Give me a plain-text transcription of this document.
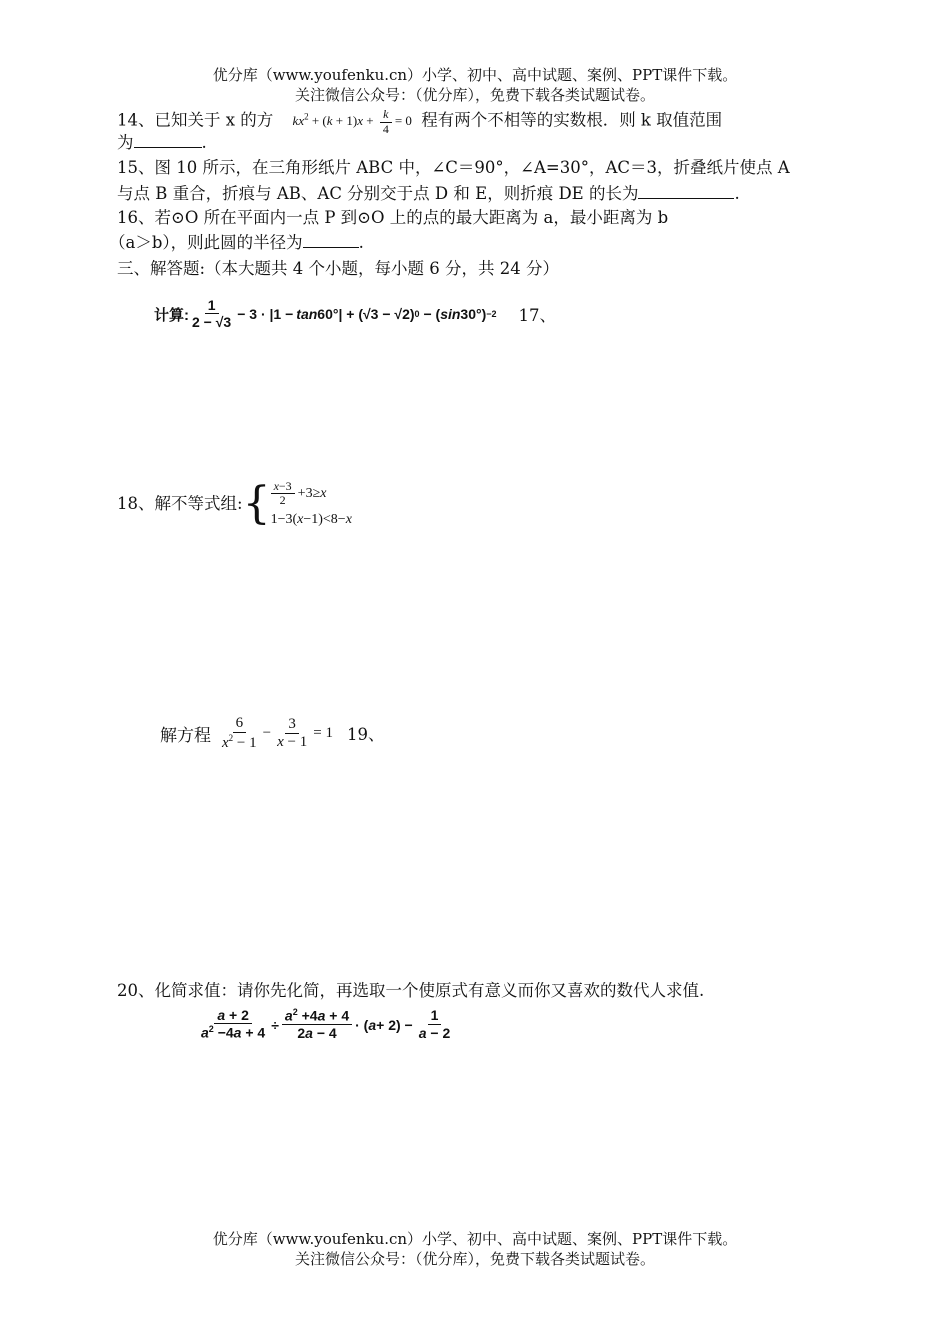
优分库（www.youfenku.cn）小学、初中、高中试题、案例、PPT课件下载。
关注微信公众号：（优分库），免费下载各类试题试卷。
14、已知关于 x 的方 $kx^2 + (k + 1)x + \frac{k}{4} = 0$ 程有两个不相等的实数根．则 k 取值范围
为	.
15、图 10 所示，在三角形纸片 ABC 中，∠C＝90°，∠A=30°，AC＝3，折叠纸片使点 A
与点 B 重合，折痕与 AB、AC 分别交于点 D 和 E，则折痕 DE 的长为	.
16、若⊙O 所在平面内一点 P 到⊙O 上的点的最大距离为 a，最小距离为 b
（a＞b），则此圆的半径为	.
三、解答题:（本大题共 4 个小题，每小题 6 分，共 24 分）
计算: $\frac{1}{2 - √3} - 3 \cdot |1 - \tan 60^\circ| + (√3 - √2) 0$ − ( sin 30°) −2 17、
18、解不等式组: { $\frac{x-3}{2} +3\ge x$
1−3(x−1)<8−x
解方程 $\frac{6}{x^2 - 1} - \frac{3}{x - 1} = 1$ 19、
20、化简求值：请你先化简，再选取一个使原式有意义而你又喜欢的数代人求值.
$\frac{a + 2}{a^2 -4a + 4} \div \frac{a^2 +4a + 4}{2a - 4}$ · ( $a + 2) - \frac{1}{a - 2}$
优分库（www.youfenku.cn）小学、初中、高中试题、案例、PPT课件下载。
关注微信公众号：（优分库），免费下载各类试题试卷。
